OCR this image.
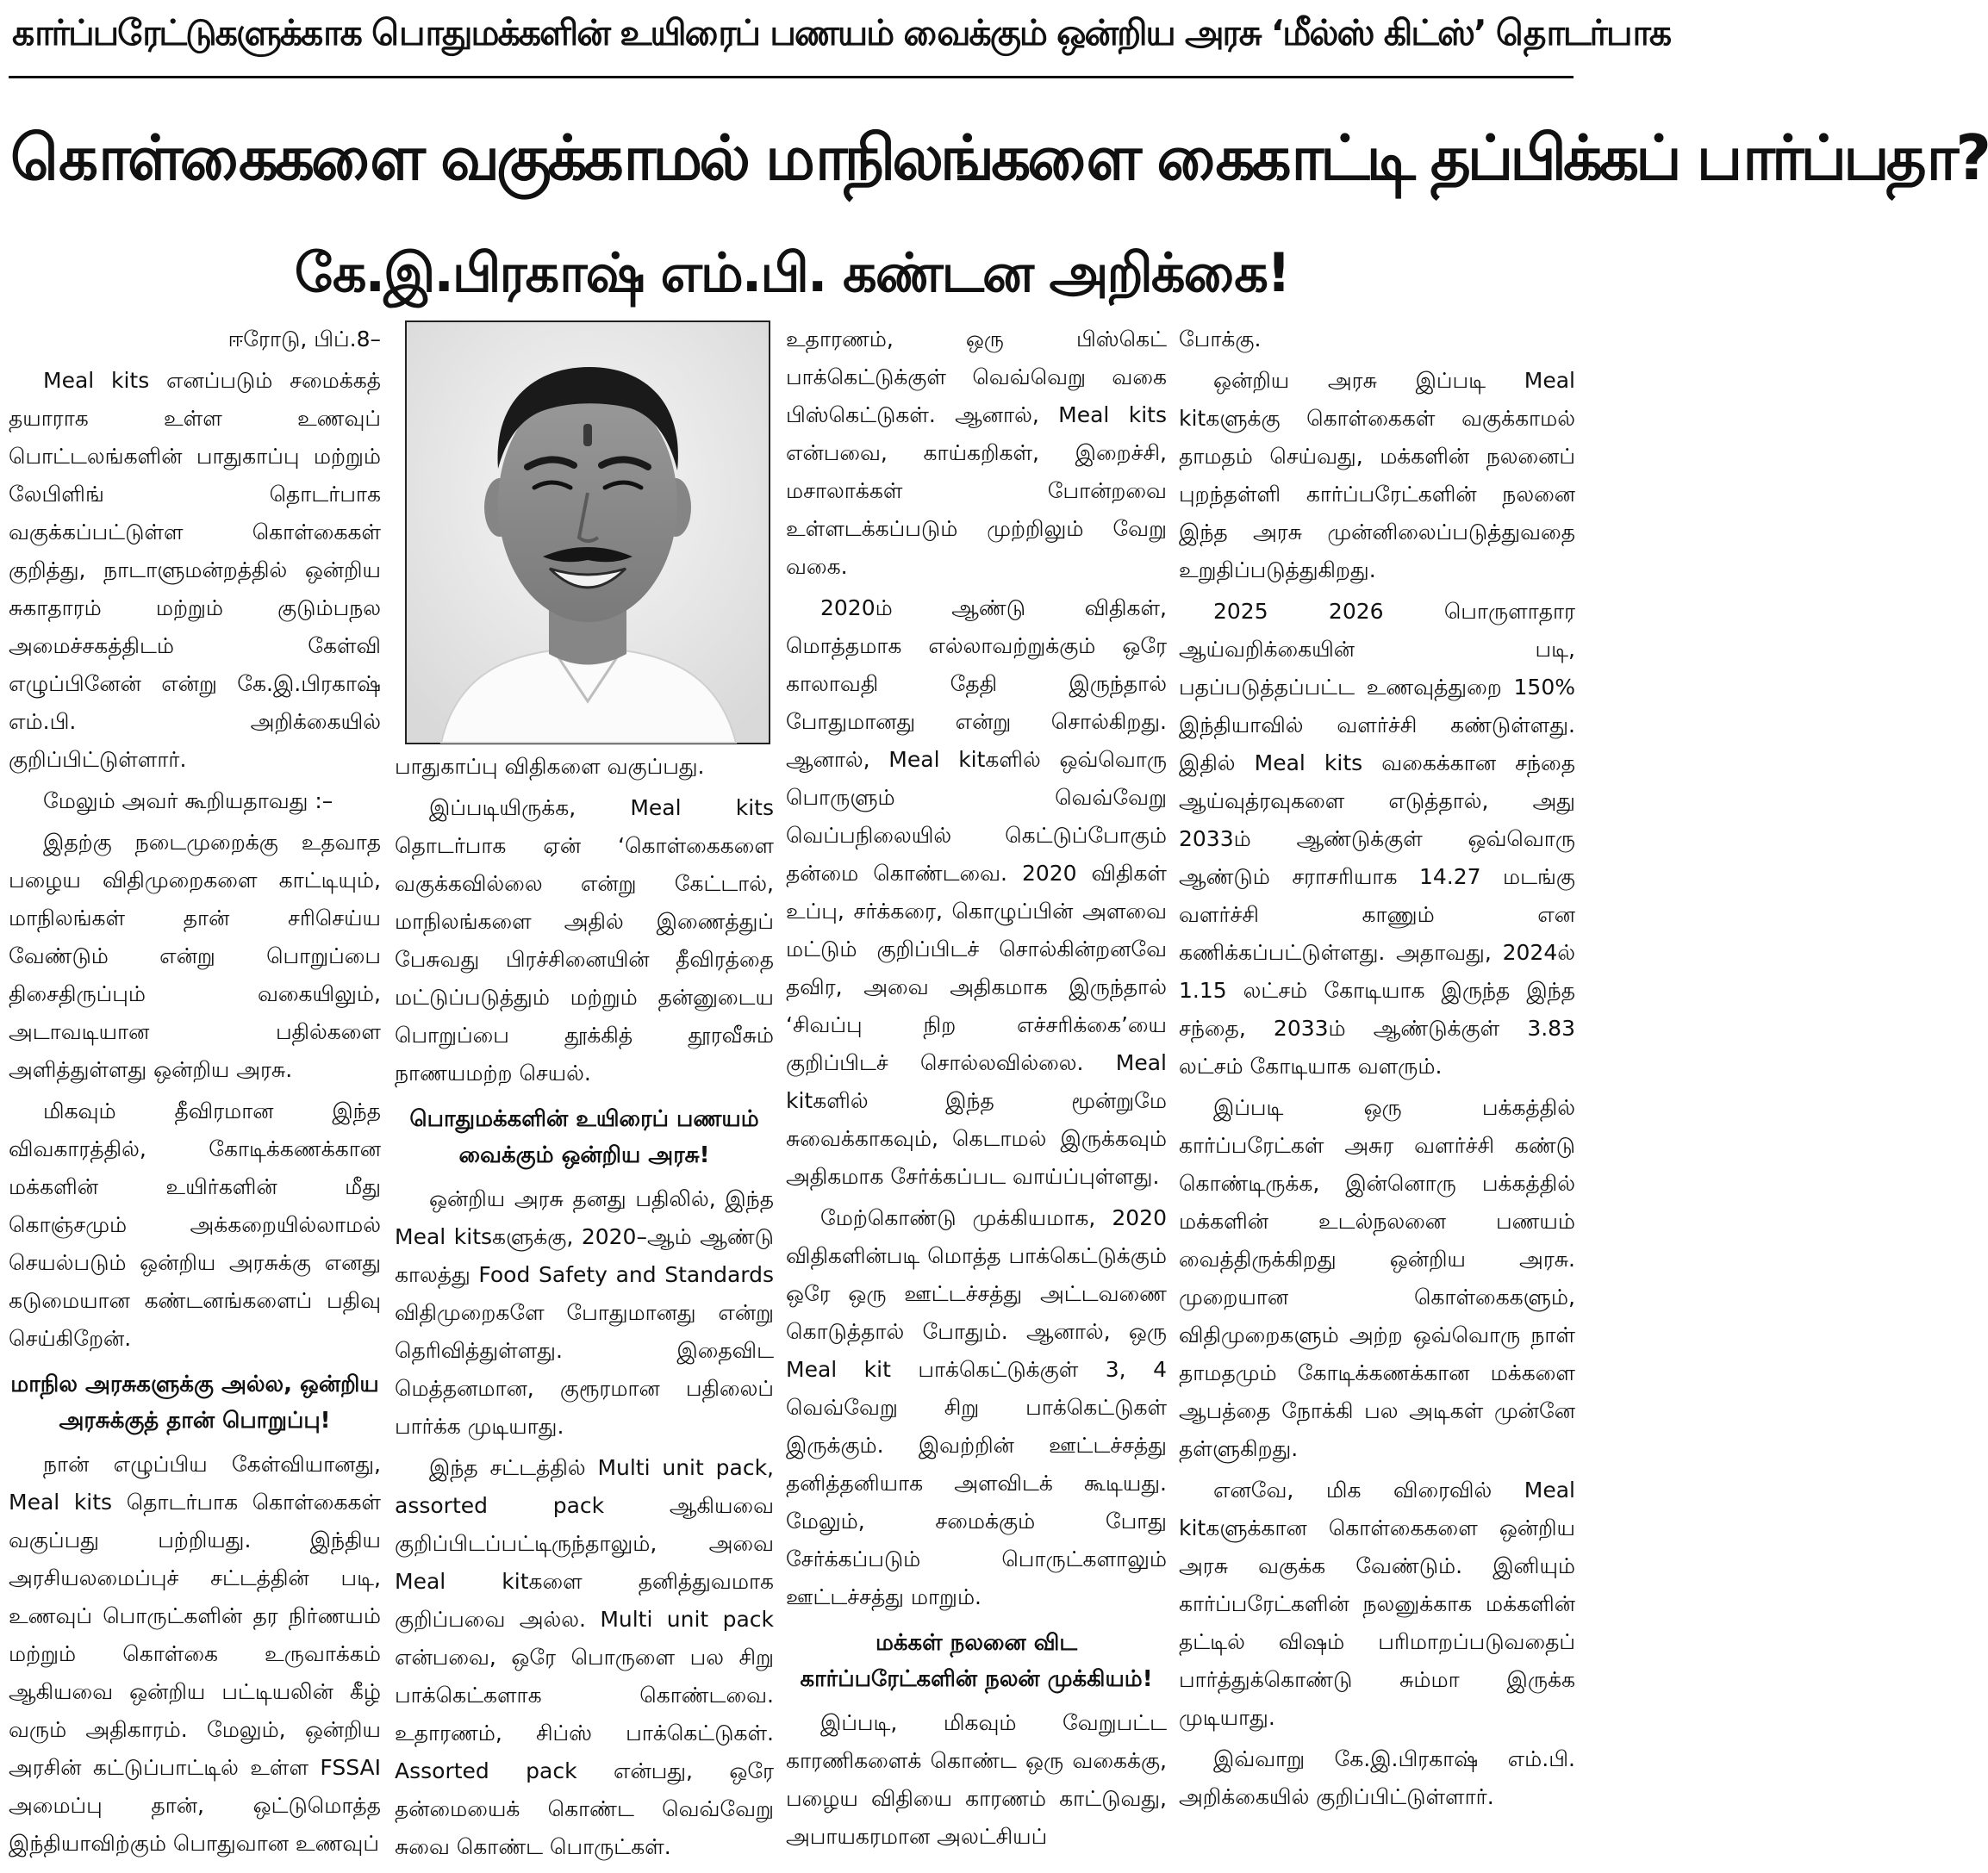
கார்ப்பரேட்டுகளுக்காக பொதுமக்களின் உயிரைப் பணயம் வைக்கும் ஒன்றிய அரசு ‘மீல்ஸ் கிட்ஸ்’ தொடர்பாக
கொள்கைகளை வகுக்காமல் மாநிலங்களை கைகாட்டி தப்பிக்கப் பார்ப்பதா?
கே.இ.பிரகாஷ் எம்.பி. கண்டன அறிக்கை!

ஈரோடு, பிப்.8–

Meal kits எனப்படும் சமைக்கத் தயாராக உள்ள உணவுப் பொட்டலங்களின் பாதுகாப்பு மற்றும் லேபிளிங் தொடர்பாக வகுக்கப்பட்டுள்ள கொள்கைகள் குறித்து, நாடாளுமன்றத்தில் ஒன்றிய சுகாதாரம் மற்றும் குடும்பநல அமைச்சகத்திடம் கேள்வி எழுப்பினேன் என்று கே.இ.பிரகாஷ் எம்.பி. அறிக்கையில் குறிப்பிட்டுள்ளார்.

மேலும் அவர் கூறியதாவது :–

இதற்கு நடைமுறைக்கு உதவாத பழைய விதிமுறைகளை காட்டியும், மாநிலங்கள் தான் சரிசெய்ய வேண்டும் என்று பொறுப்பை திசைதிருப்பும் வகையிலும், அடாவடியான பதில்களை அளித்துள்ளது ஒன்றிய அரசு.

மிகவும் தீவிரமான இந்த விவகாரத்தில், கோடிக்கணக்கான மக்களின் உயிர்களின் மீது கொஞ்சமும் அக்கறையில்லாமல் செயல்படும் ஒன்றிய அரசுக்கு எனது கடுமையான கண்டனங்களைப் பதிவு செய்கிறேன்.

மாநில அரசுகளுக்கு அல்ல, ஒன்றிய அரசுக்குத் தான் பொறுப்பு!

நான் எழுப்பிய கேள்வியானது, Meal kits தொடர்பாக கொள்கைகள் வகுப்பது பற்றியது. இந்திய அரசியலமைப்புச் சட்டத்தின் படி, உணவுப் பொருட்களின் தர நிர்ணயம் மற்றும் கொள்கை உருவாக்கம் ஆகியவை ஒன்றிய பட்டியலின் கீழ் வரும் அதிகாரம். மேலும், ஒன்றிய அரசின் கட்டுப்பாட்டில் உள்ள FSSAI அமைப்பு தான், ஒட்டுமொத்த இந்தியாவிற்கும் பொதுவான உணவுப்

பாதுகாப்பு விதிகளை வகுப்பது.

இப்படியிருக்க, Meal kits தொடர்பாக ஏன் ‘கொள்கைகளை வகுக்கவில்லை என்று கேட்டால், மாநிலங்களை அதில் இணைத்துப் பேசுவது பிரச்சினையின் தீவிரத்தை மட்டுப்படுத்தும் மற்றும் தன்னுடைய பொறுப்பை தூக்கித் தூரவீசும் நாணயமற்ற செயல்.

பொதுமக்களின் உயிரைப் பணயம் வைக்கும் ஒன்றிய அரசு!

ஒன்றிய அரசு தனது பதிலில், இந்த Meal kitsகளுக்கு, 2020–ஆம் ஆண்டு காலத்து Food Safety and Standards விதிமுறைகளே போதுமானது என்று தெரிவித்துள்ளது. இதைவிட மெத்தனமான, குரூரமான பதிலைப் பார்க்க முடியாது.

இந்த சட்டத்தில் Multi unit pack, assorted pack ஆகியவை குறிப்பிடப்பட்டிருந்தாலும், அவை Meal kitகளை தனித்துவமாக குறிப்பவை அல்ல. Multi unit pack என்பவை, ஒரே பொருளை பல சிறு பாக்கெட்களாக கொண்டவை. உதாரணம், சிப்ஸ் பாக்கெட்டுகள். Assorted pack என்பது, ஒரே தன்மையைக் கொண்ட வெவ்வேறு சுவை கொண்ட பொருட்கள்.

உதாரணம், ஒரு பிஸ்கெட் பாக்கெட்டுக்குள் வெவ்வெறு வகை பிஸ்கெட்டுகள். ஆனால், Meal kits என்பவை, காய்கறிகள், இறைச்சி, மசாலாக்கள் போன்றவை உள்ளடக்கப்படும் முற்றிலும் வேறு வகை.

2020ம் ஆண்டு விதிகள், மொத்தமாக எல்லாவற்றுக்கும் ஒரே காலாவதி தேதி இருந்தால் போதுமானது என்று சொல்கிறது. ஆனால், Meal kitகளில் ஒவ்வொரு பொருளும் வெவ்வேறு வெப்பநிலையில் கெட்டுப்போகும் தன்மை கொண்டவை. 2020 விதிகள் உப்பு, சர்க்கரை, கொழுப்பின் அளவை மட்டும் குறிப்பிடச் சொல்கின்றனவே தவிர, அவை அதிகமாக இருந்தால் ‘சிவப்பு நிற எச்சரிக்கை’யை குறிப்பிடச் சொல்லவில்லை. Meal kitகளில் இந்த மூன்றுமே சுவைக்காகவும், கெடாமல் இருக்கவும் அதிகமாக சேர்க்கப்பட வாய்ப்புள்ளது.

மேற்கொண்டு முக்கியமாக, 2020 விதிகளின்படி மொத்த பாக்கெட்டுக்கும் ஒரே ஒரு ஊட்டச்சத்து அட்டவணை கொடுத்தால் போதும். ஆனால், ஒரு Meal kit பாக்கெட்டுக்குள் 3, 4 வெவ்வேறு சிறு பாக்கெட்டுகள் இருக்கும். இவற்றின் ஊட்டச்சத்து தனித்தனியாக அளவிடக் கூடியது. மேலும், சமைக்கும் போது சேர்க்கப்படும் பொருட்களாலும் ஊட்டச்சத்து மாறும்.

மக்கள் நலனை விட கார்ப்பரேட்களின் நலன் முக்கியம்!

இப்படி, மிகவும் வேறுபட்ட காரணிகளைக் கொண்ட ஒரு வகைக்கு, பழைய விதியை காரணம் காட்டுவது, அபாயகரமான அலட்சியப்

போக்கு.

ஒன்றிய அரசு இப்படி Meal kitகளுக்கு கொள்கைகள் வகுக்காமல் தாமதம் செய்வது, மக்களின் நலனைப் புறந்தள்ளி கார்ப்பரேட்களின் நலனை இந்த அரசு முன்னிலைப்படுத்துவதை உறுதிப்படுத்துகிறது.

2025 2026 பொருளாதார ஆய்வறிக்கையின் படி, பதப்படுத்தப்பட்ட உணவுத்துறை 150% இந்தியாவில் வளர்ச்சி கண்டுள்ளது. இதில் Meal kits வகைக்கான சந்தை ஆய்வுத்ரவுகளை எடுத்தால், அது 2033ம் ஆண்டுக்குள் ஒவ்வொரு ஆண்டும் சராசரியாக 14.27 மடங்கு வளர்ச்சி காணும் என கணிக்கப்பட்டுள்ளது. அதாவது, 2024ல் 1.15 லட்சம் கோடியாக இருந்த இந்த சந்தை, 2033ம் ஆண்டுக்குள் 3.83 லட்சம் கோடியாக வளரும்.

இப்படி ஒரு பக்கத்தில் கார்ப்பரேட்கள் அசுர வளர்ச்சி கண்டு கொண்டிருக்க, இன்னொரு பக்கத்தில் மக்களின் உடல்நலனை பணயம் வைத்திருக்கிறது ஒன்றிய அரசு. முறையான கொள்கைகளும், விதிமுறைகளும் அற்ற ஒவ்வொரு நாள் தாமதமும் கோடிக்கணக்கான மக்களை ஆபத்தை நோக்கி பல அடிகள் முன்னே தள்ளுகிறது.

எனவே, மிக விரைவில் Meal kitகளுக்கான கொள்கைகளை ஒன்றிய அரசு வகுக்க வேண்டும். இனியும் கார்ப்பரேட்களின் நலனுக்காக மக்களின் தட்டில் விஷம் பரிமாறப்படுவதைப் பார்த்துக்கொண்டு சும்மா இருக்க முடியாது.

இவ்வாறு கே.இ.பிரகாஷ் எம்.பி. அறிக்கையில் குறிப்பிட்டுள்ளார்.
